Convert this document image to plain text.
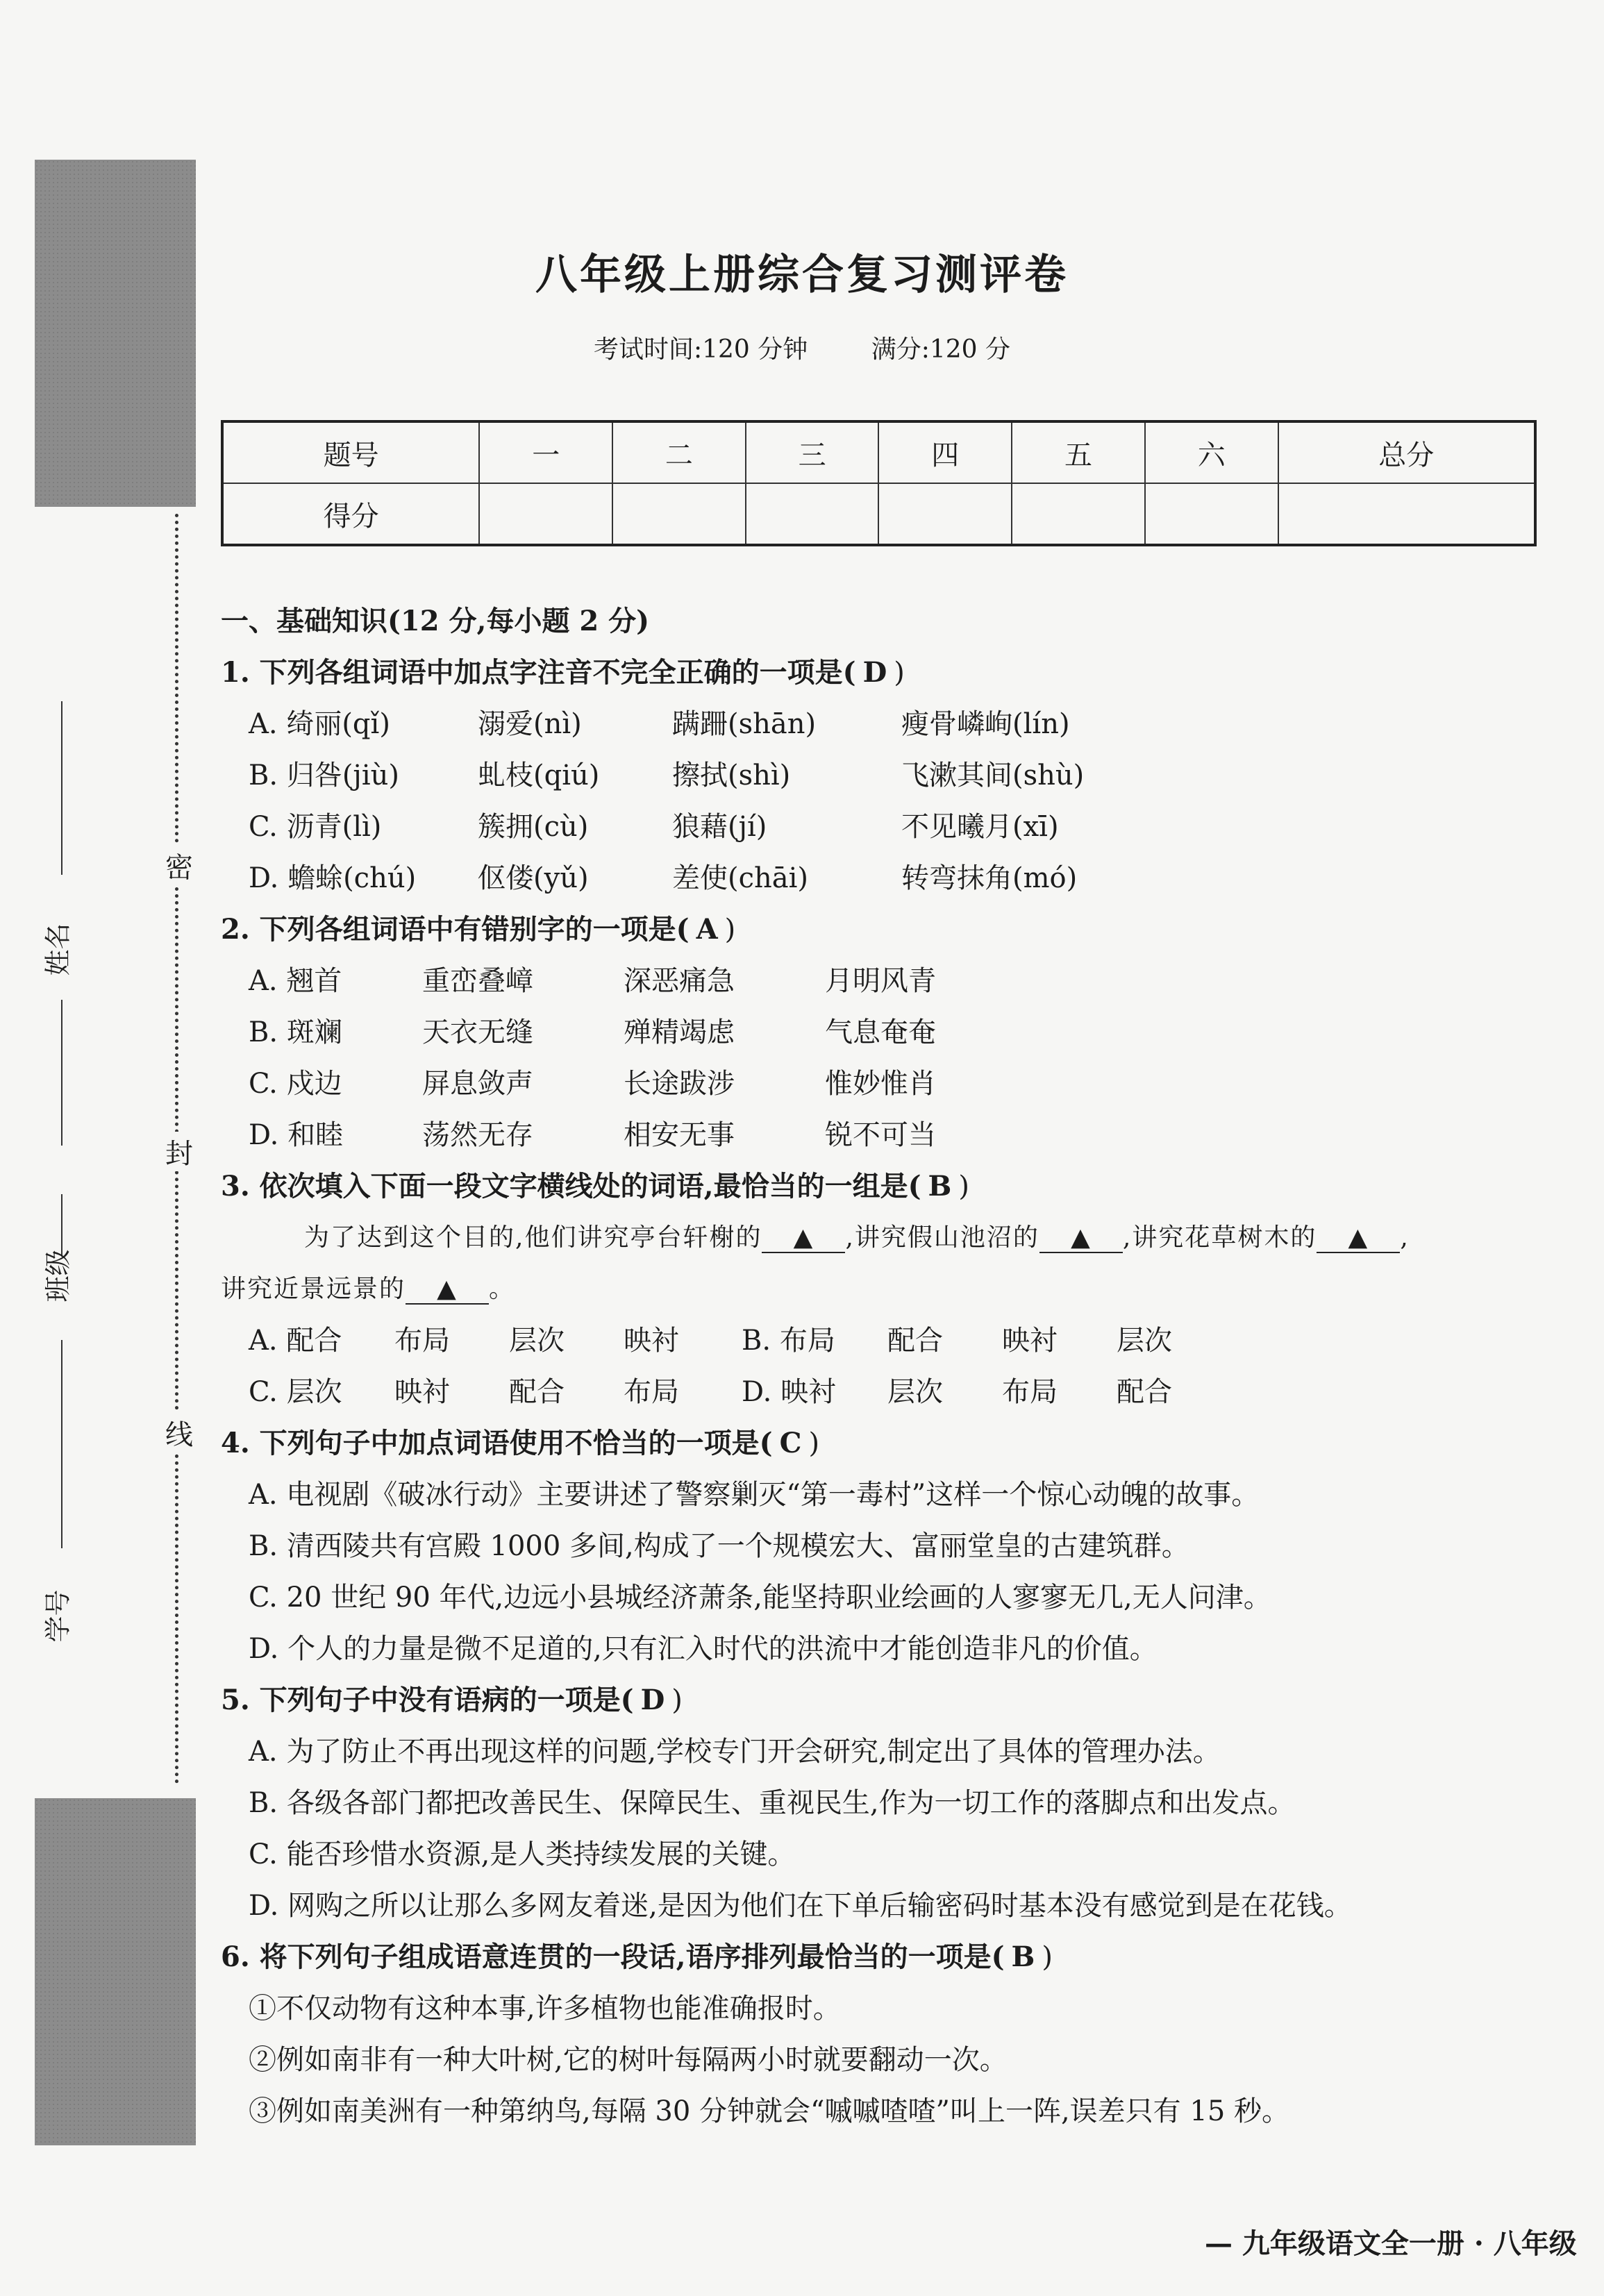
密
封
线
姓名
班级
学号
八年级上册综合复习测评卷
考试时间:120 分钟	满分:120 分
题号	一	二	三	四	五	六	总分
得分							
一、基础知识(12 分,每小题 2 分)
1. 下列各组词语中加点字注音不完全正确的一项是( D )
A. 绮丽(qǐ)	溺爱(nì)	蹒跚(shān)	瘦骨嶙峋(lín)
B. 归咎(jiù)	虬枝(qiú)	擦拭(shì)	飞漱其间(shù)
C. 沥青(lì)	簇拥(cù)	狼藉(jí)	不见曦月(xī)
D. 蟾蜍(chú)	伛偻(yǔ)	差使(chāi)	转弯抹角(mó)
2. 下列各组词语中有错别字的一项是( A )
A. 翘首	重峦叠嶂	深恶痛急	月明风青
B. 斑斓	天衣无缝	殚精竭虑	气息奄奄
C. 戍边	屏息敛声	长途跋涉	惟妙惟肖
D. 和睦	荡然无存	相安无事	锐不可当
3. 依次填入下面一段文字横线处的词语,最恰当的一组是( B )
为了达到这个目的,他们讲究亭台轩榭的 ▲ ,讲究假山池沼的 ▲ ,讲究花草树木的 ▲ ,
讲究近景远景的 ▲ 。
A. 配合	布局	层次	映衬	B. 布局	配合	映衬	层次
C. 层次	映衬	配合	布局	D. 映衬	层次	布局	配合
4. 下列句子中加点词语使用不恰当的一项是( C )
A. 电视剧《破冰行动》主要讲述了警察剿灭“第一毒村”这样一个惊心动魄的故事。
B. 清西陵共有宫殿 1000 多间,构成了一个规模宏大、富丽堂皇的古建筑群。
C. 20 世纪 90 年代,边远小县城经济萧条,能坚持职业绘画的人寥寥无几,无人问津。
D. 个人的力量是微不足道的,只有汇入时代的洪流中才能创造非凡的价值。
5. 下列句子中没有语病的一项是( D )
A. 为了防止不再出现这样的问题,学校专门开会研究,制定出了具体的管理办法。
B. 各级各部门都把改善民生、保障民生、重视民生,作为一切工作的落脚点和出发点。
C. 能否珍惜水资源,是人类持续发展的关键。
D. 网购之所以让那么多网友着迷,是因为他们在下单后输密码时基本没有感觉到是在花钱。
6. 将下列句子组成语意连贯的一段话,语序排列最恰当的一项是( B )
①不仅动物有这种本事,许多植物也能准确报时。
②例如南非有一种大叶树,它的树叶每隔两小时就要翻动一次。
③例如南美洲有一种第纳鸟,每隔 30 分钟就会“嘁嘁喳喳”叫上一阵,误差只有 15 秒。
— 九年级语文全一册 · 八年级
